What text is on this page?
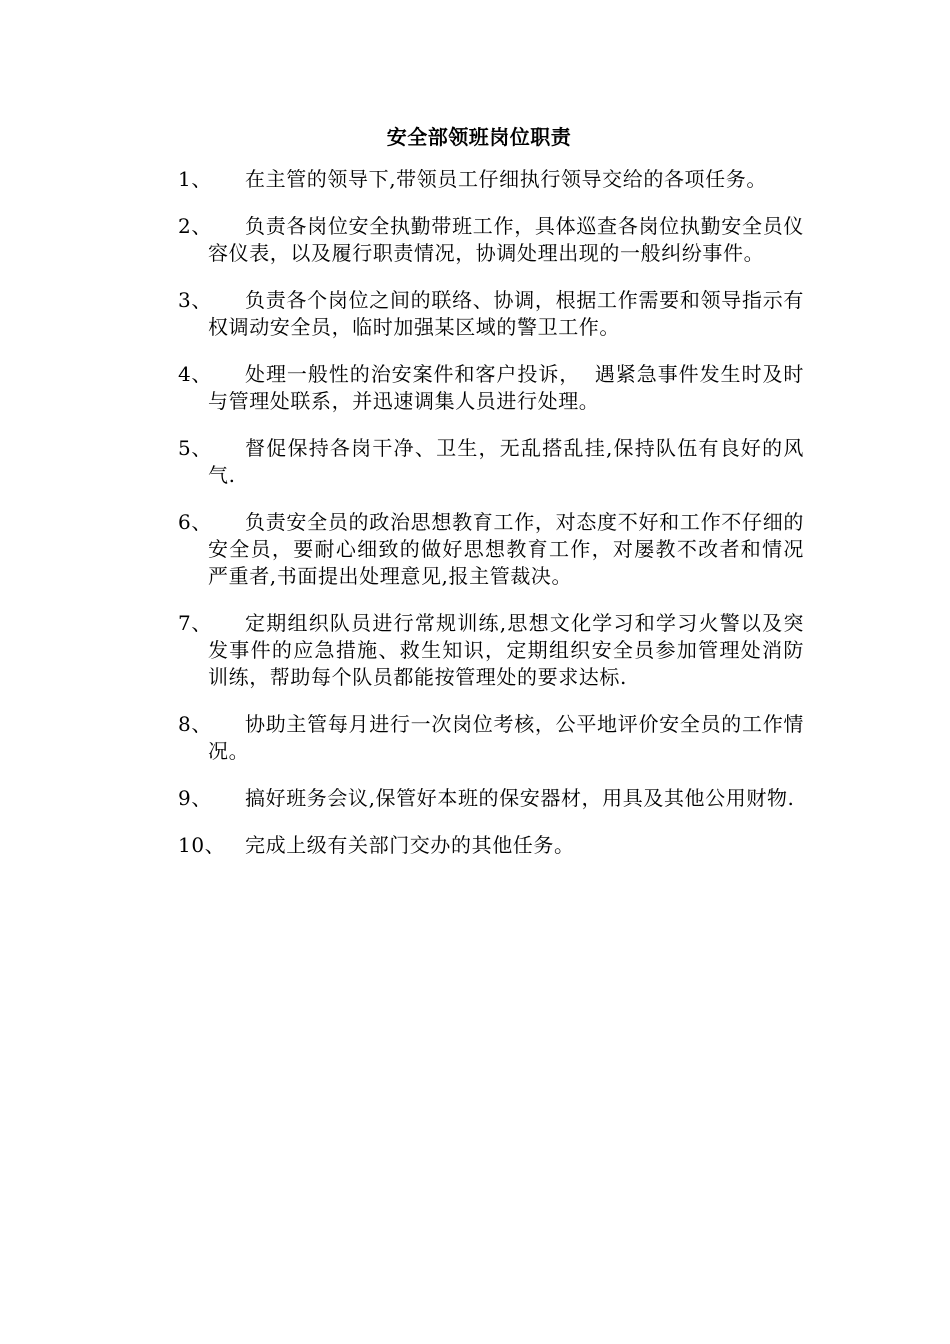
安全部领班岗位职责
1、	在主管的领导下,带领员工仔细执行领导交给的各项任务。
2、	负责各岗位安全执勤带班工作，具体巡查各岗位执勤安全员仪容仪表，以及履行职责情况，协调处理出现的一般纠纷事件。
3、	负责各个岗位之间的联络、协调，根据工作需要和领导指示有权调动安全员，临时加强某区域的警卫工作。
4、	处理一般性的治安案件和客户投诉，  遇紧急事件发生时及时与管理处联系，并迅速调集人员进行处理。
5、	督促保持各岗干净、卫生，无乱搭乱挂,保持队伍有良好的风气.
6、	负责安全员的政治思想教育工作，对态度不好和工作不仔细的安全员，要耐心细致的做好思想教育工作，对屡教不改者和情况严重者,书面提出处理意见,报主管裁决。
7、	定期组织队员进行常规训练,思想文化学习和学习火警以及突发事件的应急措施、救生知识，定期组织安全员参加管理处消防训练，帮助每个队员都能按管理处的要求达标.
8、	协助主管每月进行一次岗位考核，公平地评价安全员的工作情况。
9、	搞好班务会议,保管好本班的保安器材，用具及其他公用财物.
10、 完成上级有关部门交办的其他任务。
